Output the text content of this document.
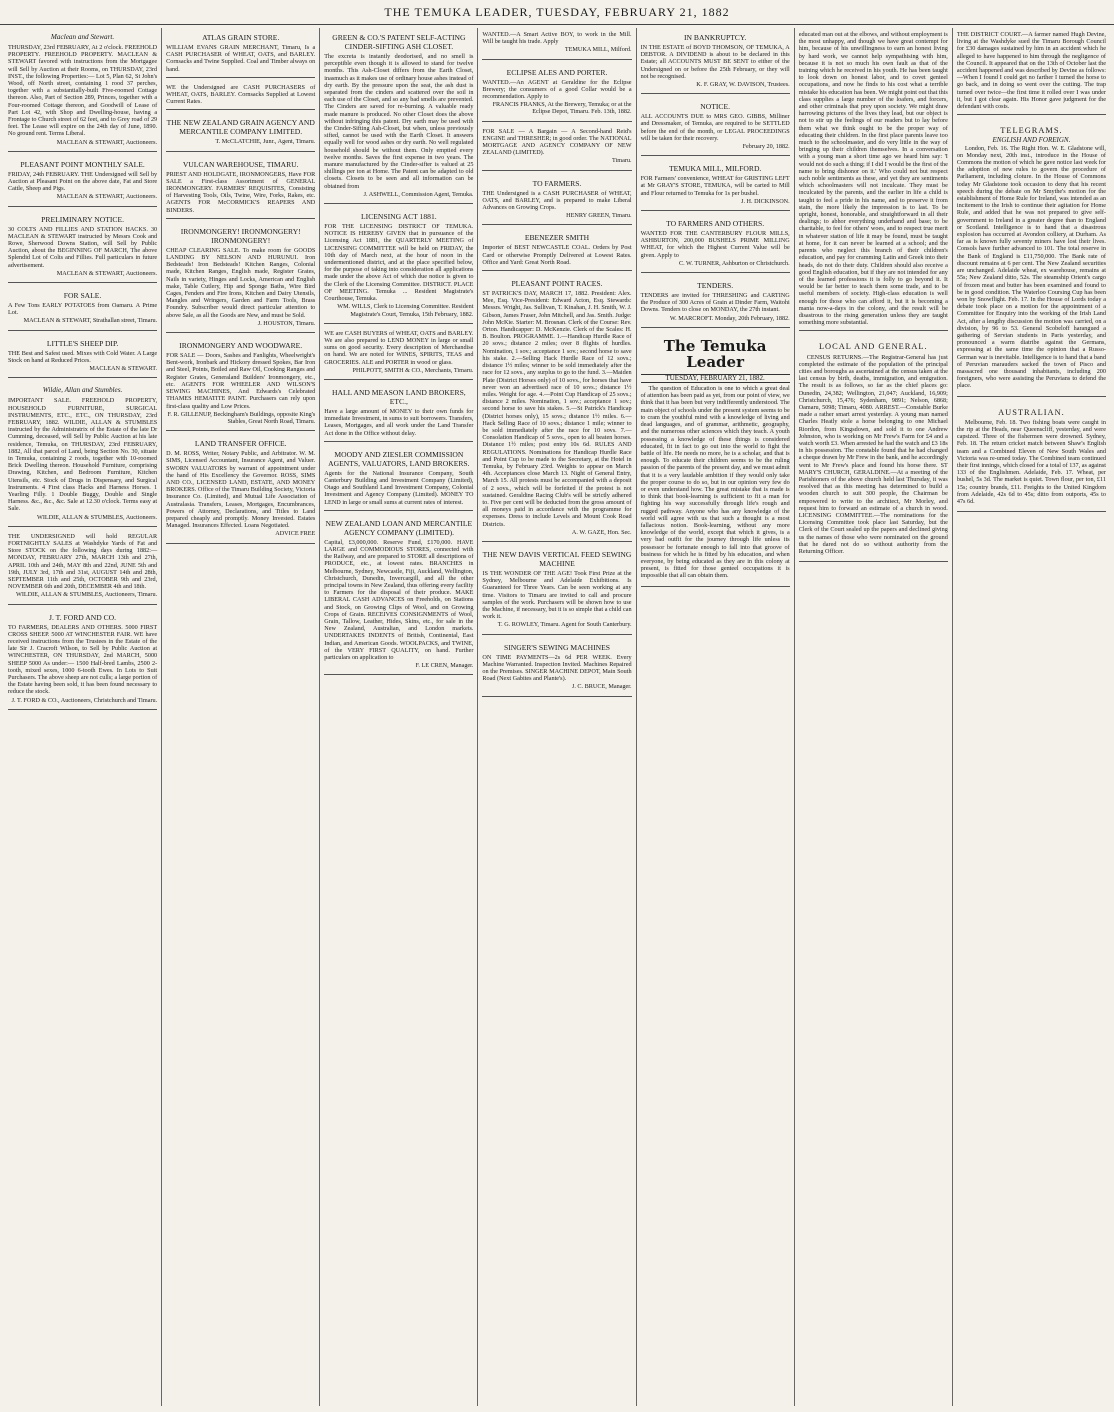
THE TEMUKA LEADER, TUESDAY, FEBRUARY 21, 1882
Maclean and Stewart.

THURSDAY, 23rd FEBRUARY, At 2 o'clock. FREEHOLD PROPERTY. FREEHOLD PROPERTY. MACLEAN & STEWART favored with instructions from the Mortgagee will Sell by Auction at their Rooms, on THURSDAY, 23rd INST., the following Properties:— Lot 5, Plan 62, St John's Wood, off North street, containing 1 rood 37 perches, together with a substantially-built Five-roomed Cottage thereon. Also, Part of Section 289, Princes, together with a Four-roomed Cottage thereon, and Goodwill of Lease of Part Lot 42, with Shop and Dwelling-house, having a Frontage to Church street of 62 feet, and to Grey road of 29 feet. The Lease will expire on the 24th day of June, 1890. No ground rent. Terms Liberal.

MACLEAN & STEWART, Auctioneers.
PLEASANT POINT MONTHLY SALE.

FRIDAY, 24th FEBRUARY. THE Undersigned will Sell by Auction at Pleasant Point on the above date, Fat and Store Cattle, Sheep and Pigs.

MACLEAN & STEWART, Auctioneers.
PRELIMINARY NOTICE.

30 COLTS AND FILLIES AND STATION HACKS. 30 MACLEAN & STEWART instructed by Messrs Cook and Rowe, Sherwood Downs Station, will Sell by Public Auction, about the BEGINNING OF MARCH, The above Splendid Lot of Colts and Fillies. Full particulars in future advertisement.

MACLEAN & STEWART, Auctioneers.
FOR SALE.

A Few Tons EARLY POTATOES from Oamaru. A Prime Lot.

MACLEAN & STEWART, Strathallan street, Timaru.
LITTLE'S SHEEP DIP.

THE Best and Safest used. Mixes with Cold Water. A Large Stock on hand at Reduced Prices.

MACLEAN & STEWART.
Wildie, Allan and Stumbles.

IMPORTANT SALE. FREEHOLD PROPERTY, HOUSEHOLD FURNITURE, SURGICAL INSTRUMENTS, ETC., ETC., ON THURSDAY, 23rd FEBRUARY, 1882. WILDIE, ALLAN & STUMBLES instructed by the Administratrix of the Estate of the late Dr Cumming, deceased, will Sell by Public Auction at his late residence, Temuka, on THURSDAY, 23rd FEBRUARY, 1882, All that parcel of Land, being Section No. 30, situate in Temuka, containing 2 roods, together with 10-roomed Brick Dwelling thereon. Household Furniture, comprising Drawing, Kitchen, and Bedroom Furniture, Kitchen Utensils, etc. Stock of Drugs in Dispensary, and Surgical Instruments. 4 First class Hacks and Harness Horses. 1 Yearling Filly. 1 Double Buggy, Double and Single Harness. &c., &c., &c. Sale at 12.30 o'clock. Terms easy at Sale.

WILDIE, ALLAN & STUMBLES, Auctioneers.

THE UNDERSIGNED will hold REGULAR FORTNIGHTLY SALES at Washdyke Yards of Fat and Store STOCK on the following days during 1882:— MONDAY, FEBRUARY 27th, MARCH 13th and 27th, APRIL 10th and 24th, MAY 8th and 22nd, JUNE 5th and 19th, JULY 3rd, 17th and 31st, AUGUST 14th and 28th, SEPTEMBER 11th and 25th, OCTOBER 9th and 23rd, NOVEMBER 6th and 20th, DECEMBER 4th and 18th.

WILDIE, ALLAN & STUMBLES, Auctioneers, Timaru.
J. T. FORD AND CO.

TO FARMERS, DEALERS AND OTHERS. 5000 FIRST CROSS SHEEP. 5000 AT WINCHESTER FAIR. WE have received instructions from the Trustees in the Estate of the late Sir J. Cracroft Wilson, to Sell by Public Auction at WINCHESTER, ON THURSDAY, 2nd MARCH, 5000 SHEEP 5000 As under:— 1500 Half-bred Lambs, 2500 2-tooth, mixed sexes, 1000 6-tooth Ewes. In Lots to Suit Purchasers. The above sheep are not culls; a large portion of the Estate having been sold, it has been found necessary to reduce the stock.

J. T. FORD & CO., Auctioneers, Christchurch and Timaru.
ATLAS GRAIN STORE.

WILLIAM EVANS GRAIN MERCHANT, Timaru, Is a CASH PURCHASER of WHEAT, OATS, and BARLEY. Cornsacks and Twine Supplied. Coal and Timber always on hand.

WE the Undersigned are CASH PURCHASERS of WHEAT, OATS, BARLEY. Cornsacks Supplied at Lowest Current Rates.

THE NEW ZEALAND GRAIN AGENCY AND MERCANTILE COMPANY LIMITED.
T. McCLATCHIE, Junr., Agent, Timaru.
VULCAN WAREHOUSE, TIMARU.

PRIEST AND HOLDGATE, IRONMONGERS, Have FOR SALE a First-class Assortment of GENERAL IRONMONGERY. FARMERS' REQUISITES, Consisting of Harvesting Tools, Oils, Twine, Wire, Forks, Rakes, etc. AGENTS FOR McCORMICK'S REAPERS AND BINDERS.

IRONMONGERY! IRONMONGERY! IRONMONGERY!

CHEAP CLEARING SALE. To make room for GOODS LANDING BY NELSON AND HURUNUI. Iron Bedsteads! Iron Bedsteads! Kitchen Ranges, Colonial made, Kitchen Ranges, English made, Register Grates, Nails in variety, Hinges and Locks, American and English make, Table Cutlery, Hip and Sponge Baths, Wire Bird Cages, Fenders and Fire Irons, Kitchen and Dairy Utensils, Mangles and Wringers, Garden and Farm Tools, Brass Foundry. Subscriber would direct particular attention to above Sale, as all the Goods are New, and must be Sold.

J. HOUSTON, Timaru.
IRONMONGERY AND WOODWARE.

FOR SALE — Doors, Sashes and Fanlights, Wheelwright's Bent-work, Ironbark and Hickory dressed Spokes, Bar Iron and Steel, Points, Boiled and Raw Oil, Cooking Ranges and Register Grates, Generaland Builders' Ironmongery, etc., etc. AGENTS FOR WHEELER AND WILSON'S SEWING MACHINES, And Edwards's Celebrated THAMES HEMATITE PAINT. Purchasers can rely upon first-class quality and Low Prices.

F. R. GILLENUP, Beckingham's Buildings, opposite King's Stables, Great North Road, Timaru.
LAND TRANSFER OFFICE.

D. M. ROSS, Writer, Notary Public, and Arbitrator. W. M. SIMS, Licensed Accountant, Insurance Agent, and Valuer. SWORN VALUATORS by warrant of appointment under the hand of His Excellency the Governor. ROSS, SIMS AND CO., LICENSED LAND, ESTATE, AND MONEY BROKERS. Office of the Timaru Building Society, Victoria Insurance Co. (Limited), and Mutual Life Association of Australasia. Transfers, Leases, Mortgages, Encumbrances, Powers of Attorney, Declarations, and Titles to Land prepared cheaply and promptly. Money Invested. Estates Managed. Insurances Effected. Loans Negotiated.

ADVICE FREE
GREEN & CO.'S PATENT SELF-ACTING CINDER-SIFTING ASH CLOSET.

The excreta is instantly deodorised, and no smell is perceptible even though it is allowed to stand for twelve months. This Ash-Closet differs from the Earth Closet, inasmuch as it makes use of ordinary house ashes instead of dry earth. By the pressure upon the seat, the ash dust is separated from the cinders and scattered over the soil in each use of the Closet, and so any bad smells are prevented. The Cinders are saved for re-burning. A valuable ready made manure is produced. No other Closet does the above without infringing this patent. Dry earth may be used with the Cinder-Sifting Ash-Closet, but when, unless previously sifted, cannot be used with the Earth Closet. It answers equally well for wood ashes or dry earth. No well regulated household should be without them. Only emptied every twelve months. Saves the first expense in two years. The manure manufactured by the Cinder-sifter is valued at 25 shillings per ton at Home. The Patent can be adapted to old closets. Closets to be seen and all information can be obtained from

J. ASHWELL, Commission Agent, Temuka.
LICENSING ACT 1881.

FOR THE LICENSING DISTRICT OF TEMUKA. NOTICE IS HEREBY GIVEN that in pursuance of the Licensing Act 1881, the QUARTERLY MEETING of LICENSING COMMITTEE will be held on FRIDAY, the 10th day of March next, at the hour of noon in the undermentioned district, and at the place specified below, for the purpose of taking into consideration all applications made under the above Act of which due notice is given to the Clerk of the Licensing Committee. DISTRICT. PLACE OF MEETING. Temuka ... Resident Magistrate's Courthouse, Temuka.

WM. WILLS, Clerk to Licensing Committee. Resident Magistrate's Court, Temuka, 15th February, 1882.

WE are CASH BUYERS of WHEAT, OATS and BARLEY. We are also prepared to LEND MONEY in large or small sums on good security. Every description of Merchandise on hand. We are noted for WINES, SPIRITS, TEAS and GROCERIES. ALE and PORTER in wood or glass.

PHILPOTT, SMITH & CO., Merchants, Timaru.
HALL AND MEASON LAND BROKERS, ETC.,

Have a large amount of MONEY to their own funds for immediate Investment, in sums to suit borrowers. Transfers, Leases, Mortgages, and all work under the Land Transfer Act done in the Office without delay.

MOODY AND ZIESLER COMMISSION AGENTS, VALUATORS, LAND BROKERS.

Agents for the National Insurance Company, South Canterbury Building and Investment Company (Limited), Otago and Southland Land Investment Company, Colonial Investment and Agency Company (Limited). MONEY TO LEND in large or small sums at current rates of interest.

NEW ZEALAND LOAN AND MERCANTILE AGENCY COMPANY (LIMITED).

Capital, £3,000,000. Reserve Fund, £170,000. HAVE LARGE and COMMODIOUS STORES, connected with the Railway, and are prepared to STORE all descriptions of PRODUCE, etc., at lowest rates. BRANCHES in Melbourne, Sydney, Newcastle, Fiji, Auckland, Wellington, Christchurch, Dunedin, Invercargill, and all the other principal towns in New Zealand, thus offering every facility to Farmers for the disposal of their produce. MAKE LIBERAL CASH ADVANCES on Freeholds, on Stations and Stock, on Growing Clips of Wool, and on Growing Crops of Grain. RECEIVES CONSIGNMENTS of Wool, Grain, Tallow, Leather, Hides, Skins, etc., for sale in the New Zealand, Australian, and London markets. UNDERTAKES INDENTS of British, Continental, East Indian, and American Goods. WOOLPACKS, and TWINE, of the VERY FIRST QUALITY, on hand. Further particulars on application to

F. LE CREN, Manager.

WANTED.—A Smart Active BOY, to work in the Mill. Will be taught his trade. Apply

TEMUKA MILL, Milford.
ECLIPSE ALES AND PORTER.

WANTED.—An AGENT at Geraldine for the Eclipse Brewery; the consumers of a good Collar would be a recommendation. Apply to

FRANCIS FRANKS, At the Brewery, Temuka; or at the Eclipse Depot, Timaru. Feb. 13th, 1882.

FOR SALE — A Bargain — A Second-hand Reid's ENGINE and THRESHER; in good order. The NATIONAL MORTGAGE AND AGENCY COMPANY OF NEW ZEALAND (LIMITED).

Timaru.
TO FARMERS.

THE Undersigned is a CASH PURCHASER of WHEAT, OATS, and BARLEY, and is prepared to make Liberal Advances on Growing Crops.

HENRY GREEN, Timaru.
EBENEZER SMITH

Importer of BEST NEWCASTLE COAL. Orders by Post Card or otherwise Promptly Delivered at Lowest Rates. Office and Yard: Great North Road.

PLEASANT POINT RACES.

ST PATRICK'S DAY, MARCH 17, 1882. President: Alex. Mee, Esq. Vice-President: Edward Acton, Esq. Stewards: Messrs. Wright, Jas. Sullivan, T. Kinahan, J. H. Smith, W. J. Gibson, James Fraser, John Mitchell, and Jas. Smith. Judge: John McKie. Starter: M. Brosnan. Clerk of the Course: Rev. Orton. Handicapper: D. McKenzie. Clerk of the Scales: H. B. Boulton. PROGRAMME. 1.—Handicap Hurdle Race of 20 sovs.; distance 2 miles; over 8 flights of hurdles. Nomination, 1 sov.; acceptance 1 sov.; second horse to save his stake. 2.—Selling Hack Hurdle Race of 12 sovs.; distance 1½ miles; winner to be sold immediately after the race for 12 sovs., any surplus to go to the fund. 3.—Maiden Plate (District Horses only) of 10 sovs., for horses that have never won an advertised race of 10 sovs.; distance 1½ miles. Weight for age. 4.—Point Cup Handicap of 25 sovs.; distance 2 miles. Nomination, 1 sov.; acceptance 1 sov.; second horse to save his stakes. 5.—St Patrick's Handicap (District horses only), 15 sovs.; distance 1½ miles. 6.—Hack Selling Race of 10 sovs.; distance 1 mile; winner to be sold immediately after the race for 10 sovs. 7.—Consolation Handicap of 5 sovs., open to all beaten horses. Distance 1½ miles; post entry 10s 6d. RULES AND REGULATIONS. Nominations for Handicap Hurdle Race and Point Cup to be made to the Secretary, at the Hotel in Temuka, by February 23rd. Weights to appear on March 4th. Acceptances close March 13. Night of General Entry, March 15. All protests must be accompanied with a deposit of 2 sovs., which will be forfeited if the protest is not sustained. Geraldine Racing Club's will be strictly adhered to. Five per cent will be deducted from the gross amount of all moneys paid in accordance with the programme for expenses. Dress to include Levels and Mount Cook Road Districts.

A. W. GAZE, Hon. Sec.
THE NEW DAVIS VERTICAL FEED SEWING MACHINE

IS THE WONDER OF THE AGE! Took First Prize at the Sydney, Melbourne and Adelaide Exhibitions. Is Guaranteed for Three Years. Can be seen working at any time. Visitors to Timaru are invited to call and procure samples of the work. Purchasers will be shown how to use the Machine, if necessary, but it is so simple that a child can work it.

T. G. ROWLEY, Timaru. Agent for South Canterbury.
SINGER'S SEWING MACHINES

ON TIME PAYMENTS—2s 6d PER WEEK. Every Machine Warranted. Inspection Invited. Machines Repaired on the Premises. SINGER MACHINE DEPOT, Main South Road (Next Gabites and Plante's).

J. C. BRUCE, Manager.
IN BANKRUPTCY.

IN THE ESTATE of BOYD THOMSON, OF TEMUKA, A DEBTOR. A DIVIDEND is about to be declared in this Estate; all ACCOUNTS MUST BE SENT to either of the Undersigned on or before the 25th February, or they will not be recognised.

K. F. GRAY, W. DAVISON, Trustees.
NOTICE.

ALL ACCOUNTS DUE to MRS GEO. GIBBS, Milliner and Dressmaker, of Temuka, are required to be SETTLED before the end of the month, or LEGAL PROCEEDINGS will be taken for their recovery.

February 20, 1882.
TEMUKA MILL, MILFORD.

FOR Farmers' convenience, WHEAT for GRISTING LEFT at Mr GRAY'S STORE, TEMUKA, will be carted to Mill and Flour returned to Temuka for 1s per bushel.

J. H. DICKINSON.
TO FARMERS AND OTHERS.

WANTED FOR THE CANTERBURY FLOUR MILLS, ASHBURTON, 200,000 BUSHELS PRIME MILLING WHEAT, for which the Highest Current Value will be given. Apply to

C. W. TURNER, Ashburton or Christchurch.
TENDERS.

TENDERS are invited for THRESHING and CARTING the Produce of 300 Acres of Grain at Dinder Farm, Waitohi Downs. Tenders to close on MONDAY, the 27th instant.

W. MARCROFT. Monday, 20th February, 1882.
The Temuka Leader
TUESDAY, FEBRUARY 21, 1882.

The question of Education is one to which a great deal of attention has been paid as yet, from our point of view, we think that it has been but very indifferently understood. The main object of schools under the present system seems to be to cram the youthful mind with a knowledge of living and dead languages, and of grammar, arithmetic, geography, and the numerous other sciences which they teach. A youth possessing a knowledge of these things is considered educated, fit in fact to go out into the world to fight the battle of life. He needs no more, he is a scholar, and that is enough. To educate their children seems to be the ruling passion of the parents of the present day, and we must admit that it is a very laudable ambition if they would only take the proper course to do so, but in our opinion very few do or even understand how. The great mistake that is made is to think that book-learning is sufficient to fit a man for fighting his way successfully through life's rough and rugged pathway. Anyone who has any knowledge of the world will agree with us that such a thought is a most fallacious notion. Book-learning, without any more knowledge of the world, except that which it gives, is a very bad outfit for the journey through life unless its possessor be fortunate enough to fall into that groove of business for which he is fitted by his education, and when everyone, by being educated as they are in this colony at present, is fitted for those genteel occupations it is impossible that all can obtain them.

educated man out at the elbows, and without employment is the most unhappy, and though we have great contempt for him, because of his unwillingness to earn an honest living by hard work, we cannot help sympathising with him, because it is not so much his own fault as that of the training which he received in his youth. He has been taught to look down on honest labor, and to covet genteel occupations, and now he finds to his cost what a terrible mistake his education has been. We might point out that this class supplies a large number of the loafers, and forcers, and other criminals that prey upon society. We might draw harrowing pictures of the lives they lead, but our object is not to stir up the feelings of our readers but to lay before them what we think ought to be the proper way of educating their children. In the first place parents leave too much to the schoolmaster, and do very little in the way of bringing up their children themselves. In a conversation with a young man a short time ago we heard him say: 'I would not do such a thing; if I did I would be the first of the name to bring dishonor on it.' Who could not but respect such noble sentiments as these, and yet they are sentiments which schoolmasters will not inculcate. They must be inculcated by the parents, and the earlier in life a child is taught to feel a pride in his name, and to preserve it from stain, the more likely the impression is to last. To be upright, honest, honorable, and straightforward in all their dealings; to abhor everything underhand and base; to be charitable, to feel for others' woes, and to respect true merit in whatever station of life it may be found, must be taught at home, for it can never be learned at a school; and the parents who neglect this branch of their children's education, and pay for cramming Latin and Greek into their heads, do not do their duty. Children should also receive a good English education, but if they are not intended for any of the learned professions it is folly to go beyond it. It would be far better to teach them some trade, and to be useful members of society. High-class education is well enough for those who can afford it, but it is becoming a mania now-a-days in the colony, and the result will be disastrous to the rising generation unless they are taught something more substantial.

LOCAL AND GENERAL.

CENSUS RETURNS.—The Registrar-General has just completed the estimate of the population of the principal cities and boroughs as ascertained at the census taken at the last census by birth, deaths, immigration, and emigration. The result is as follows, so far as the chief places go: Dunedin, 24,382; Wellington, 21,047; Auckland, 16,909; Christchurch, 15,476; Sydenham, 9891; Nelson, 6868; Oamaru, 5098; Timaru, 4080. ARREST.—Constable Burke made a rather smart arrest yesterday. A young man named Charles Heatly stole a horse belonging to one Michael Riordon, from Kingsdown, and sold it to one Andrew Johnston, who is working on Mr Frew's Farm for £4 and a watch worth £3. When arrested he had the watch and £3 18s in his possession. The constable found that he had changed a cheque drawn by Mr Frew in the bank, and he accordingly went to Mr Frew's place and found his horse there. ST MARY'S CHURCH, GERALDINE.—At a meeting of the Parishioners of the above church held last Thursday, it was resolved that as this meeting has determined to build a wooden church to suit 300 people, the Chairman be empowered to write to the architect, Mr Morley, and request him to forward an estimate of a church in wood. LICENSING COMMITTEE.—The nominations for the Licensing Committee took place last Saturday, but the Clerk of the Court sealed up the papers and declined giving us the names of those who were nominated on the ground that he dared not do so without authority from the Returning Officer.

THE DISTRICT COURT.—A farmer named Hugh Devine, living at the Washdyke sued the Timaru Borough Council for £30 damages sustained by him in an accident which he alleged to have happened to him through the negligence of the Council. It appeared that on the 13th of October last the accident happened and was described by Devine as follows:—When I found I could get no farther I turned the horse to go back, and in doing so went over the cutting. The trap turned over twice—the first time it rolled over I was under it, but I got clear again. His Honor gave judgment for the defendant with costs.

TELEGRAMS.
ENGLISH AND FOREIGN.

London, Feb. 16. The Right Hon. W. E. Gladstone will, on Monday next, 20th inst., introduce in the House of Commons the motion of which he gave notice last week for the adoption of new rules to govern the procedure of Parliament, including cloture. In the House of Commons today Mr Gladstone took occasion to deny that his recent speech during the debate on Mr Smythe's motion for the establishment of Home Rule for Ireland, was intended as an incitement to the Irish to continue their agitation for Home Rule, and added that he was not prepared to give self-government to Ireland in a greater degree than to England or Scotland. Intelligence is to hand that a disastrous explosion has occurred at Avondon colliery, at Durham. As far as is known fully seventy miners have lost their lives. Consols have further advanced to 101. The total reserve in the Bank of England is £11,750,000. The Bank rate of discount remains at 6 per cent. The New Zealand securities are unchanged. Adelaide wheat, ex warehouse, remains at 55s; New Zealand ditto, 52s. The steamship Orient's cargo of frozen meat and butter has been examined and found to be in good condition. The Waterloo Coursing Cup has been won by Snowflight. Feb. 17. In the House of Lords today a debate took place on a motion for the appointment of a Committee for Enquiry into the working of the Irish Land Act, after a lengthy discussion the motion was carried, on a division, by 96 to 53. General Scobeloff harangued a gathering of Servian students in Paris yesterday, and pronounced a warm diatribe against the Germans, expressing at the same time the opinion that a Russo-German war is inevitable. Intelligence is to hand that a band of Peruvian marauders sacked the town of Pisco and massacred one thousand inhabitants, including 200 foreigners, who were assisting the Peruvians to defend the place.

AUSTRALIAN.

Melbourne, Feb. 18. Two fishing boats were caught in the rip at the Heads, near Queenscliff, yesterday, and were capsized. Three of the fishermen were drowned. Sydney, Feb. 18. The return cricket match between Shaw's English team and a Combined Eleven of New South Wales and Victoria was re-umed today. The Combined team continued their first innings, which closed for a total of 137, as against 133 of the Englishmen. Adelaide, Feb. 17. Wheat, per bushel, 5s 3d. The market is quiet. Town flour, per ton, £11 15s; country brands, £11. Freights to the United Kingdom from Adelaide, 42s 6d to 45s; ditto from outports, 45s to 47s 6d.
